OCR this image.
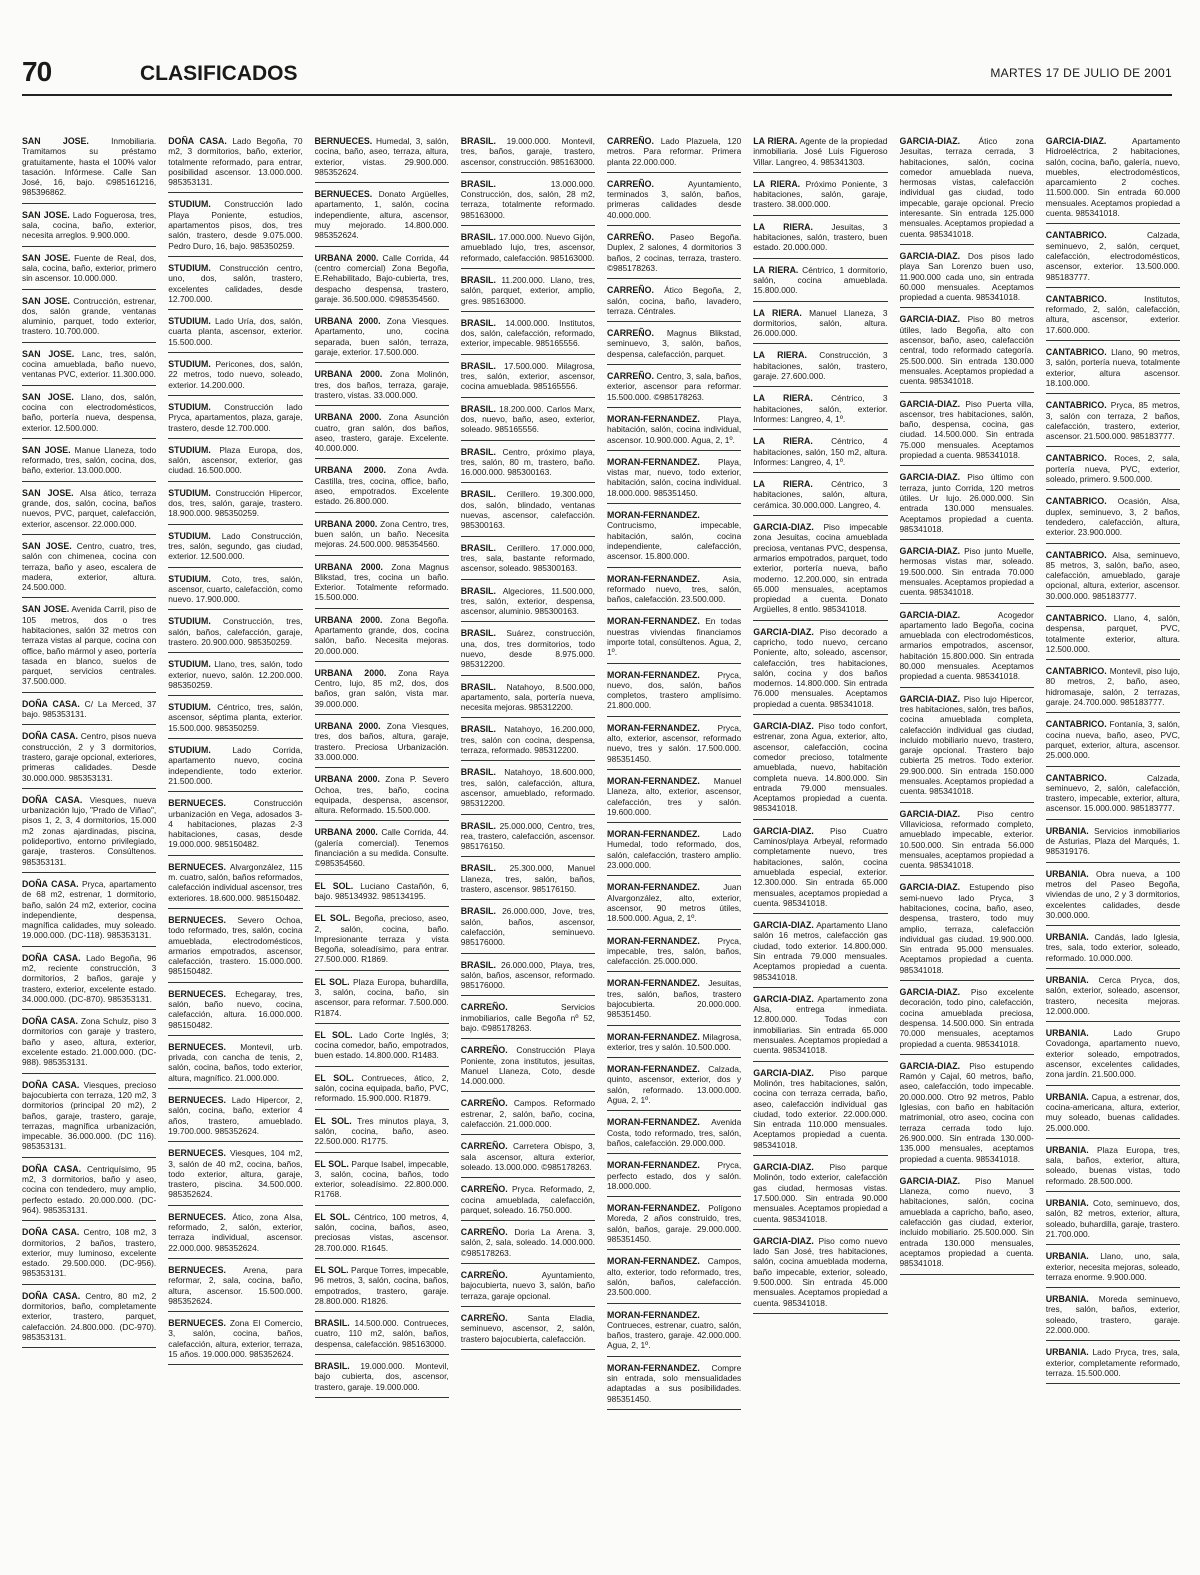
70	CLASIFICADOS	MARTES 17 DE JULIO DE 2001

SAN JOSE.	Inmobiliaria. Tramitamos su préstamo gratuitamente, hasta el 100% valor tasación. Infórmese. Calle San José, 16, bajo. ©985161216, 985396862.

SAN JOSE. Lado Foguerosa, tres, sala, cocina, baño, exterior, necesita arreglos. 9.900.000.

SAN JOSE. Fuente de Real, dos, sala, cocina, baño, exterior, primero sin ascensor. 10.000.000.

SAN JOSE. Contrucción, estrenar, dos, salón grande, ventanas aluminio, parquet, todo exterior, trastero. 10.700.000.

SAN JOSE. Lanc, tres, salón, cocina amueblada, baño nuevo, ventanas PVC, exterior. 11.300.000.

SAN JOSE. Llano, dos, salón, cocina con electrodomésticos, baño, portería nueva, despensa, exterior. 12.500.000.

SAN JOSE. Manue Llaneza, todo reformado, tres, salón, cocina, dos, baño, exterior. 13.000.000.

SAN JOSE. Alsa ático, terraza grande, dos, salón, cocina, baños nuevos, PVC, parquet, calefacción, exterior, ascensor. 22.000.000.

SAN JOSE. Centro, cuatro, tres, salón con chimenea, cocina con terraza, baño y aseo, escalera de madera, exterior, altura. 24.500.000.

SAN JOSE. Avenida Carril, piso de 105 metros, dos o tres habitaciones, salón 32 metros con terraza vistas al parque, cocina con office, baño mármol y aseo, portería tasada en blanco, suelos de parquet, servicios centrales. 37.500.000.

DOÑA CASA. C/ La Merced, 37 bajo. 985353131.

DOÑA CASA. Centro, pisos nueva construcción, 2 y 3 dormitorios, trastero, garaje opcional, exteriores, primeras calidades. Desde 30.000.000. 985353131.

DOÑA CASA. Viesques, nueva urbanización lujo, "Prado de Viñao", pisos 1, 2, 3, 4 dormitorios, 15.000 m2 zonas ajardinadas, piscina, polideportivo, entorno privilegiado, garaje, trasteros. Consúltenos. 985353131.

DOÑA CASA. Pryca, apartamento de 68 m2, estrenar, 1 dormitorio, baño, salón 24 m2, exterior, cocina independiente, despensa, magnífica calidades, muy soleado. 19.000.000. (DC-118). 985353131.

DOÑA CASA. Lado Begoña, 96 m2, reciente construcción, 3 dormitorios, 2 baños, garaje y trastero, exterior, excelente estado. 34.000.000. (DC-870). 985353131.

DOÑA CASA. Zona Schulz, piso 3 dormitorios con garaje y trastero, baño y aseo, altura, exterior, excelente estado. 21.000.000. (DC-988). 985353131.

DOÑA CASA. Viesques, precioso bajocubierta con terraza, 120 m2, 3 dormitorios (principal 20 m2), 2 baños, garaje, trastero, garaje, terrazas, magnífica urbanización, impecable. 36.000.000. (DC 116). 985353131.

DOÑA CASA. Centriquísimo, 95 m2, 3 dormitorios, baño y aseo, cocina con tendedero, muy amplio, perfecto estado. 20.000.000. (DC-964). 985353131.

DOÑA CASA. Centro, 108 m2, 3 dormitorios, 2 baños, trastero, exterior, muy luminoso, excelente estado. 29.500.000. (DC-956). 985353131.

DOÑA CASA. Centro, 80 m2, 2 dormitorios, baño, completamente exterior, trastero, parquet, calefacción. 24.800.000. (DC-970). 985353131.

DOÑA CASA. Lado Begoña, 70 m2, 3 dormitorios, baño, exterior, totalmente reformado, para entrar, posibilidad ascensor. 13.000.000. 985353131.

STUDIUM. Construcción lado Playa Poniente, estudios, apartamentos pisos, dos, tres salón, trastero, desde 9.075.000. Pedro Duro, 16, bajo. 985350259.

STUDIUM. Construcción centro, uno, dos, salón, trastero, excelentes calidades, desde 12.700.000.

STUDIUM. Lado Uría, dos, salón, cuarta planta, ascensor, exterior. 15.500.000.

STUDIUM. Pericones, dos, salón, 22 metros, todo nuevo, soleado, exterior. 14.200.000.

STUDIUM. Construcción lado Pryca, apartamentos, plaza, garaje, trastero, desde 12.700.000.

STUDIUM. Plaza Europa, dos, salón, ascensor, exterior, gas ciudad. 16.500.000.

STUDIUM. Construcción Hipercor, dos, tres, salón, garaje, trastero. 18.900.000. 985350259.

STUDIUM. Lado Construcción, tres, salón, segundo, gas ciudad, exterior. 12.500.000.

STUDIUM. Coto, tres, salón, ascensor, cuarto, calefacción, como nuevo. 17.900.000.

STUDIUM. Construcción, tres, salón, baños, calefacción, garaje, trastero. 20.900.000. 985350259.

STUDIUM. Llano, tres, salón, todo exterior, nuevo, salón. 12.200.000. 985350259.

STUDIUM. Céntrico, tres, salón, ascensor, séptima planta, exterior. 15.500.000. 985350259.

STUDIUM.	Lado Corrida, apartamento nuevo, cocina independiente, todo exterior. 21.500.000.

BERNUECES.	Construcción urbanización en Vega, adosados 3-4 habitaciones, plazas 2-3 habitaciones, casas, desde 19.000.000. 985150482.

BERNUECES. Alvargonzález, 115 m. cuatro, salón, baños reformados, calefacción individual ascensor, tres exteriores. 18.600.000. 985150482.

BERNUECES. Severo Ochoa, todo reformado, tres, salón, cocina amueblada, electrodomésticos, armarios empotrados, ascensor, calefacción, trastero. 15.000.000. 985150482.

BERNUECES. Echegaray, tres, salón, baño nuevo, cocina, calefacción, altura. 16.000.000. 985150482.

BERNUECES. Montevil, urb. privada, con cancha de tenis, 2, salón, cocina, baños, todo exterior, altura, magnífico. 21.000.000.

BERNUECES. Lado Hipercor, 2, salón, cocina, baño, exterior 4 años, trastero, amueblado. 19.700.000. 985352624.

BERNUECES. Viesques, 104 m2, 3, salón de 40 m2, cocina, baños, todo exterior, altura, garaje, trastero, piscina. 34.500.000. 985352624.

BERNUECES. Ático, zona Alsa, reformado, 2, salón, exterior, terraza individual, ascensor. 22.000.000. 985352624.

BERNUECES. Arena, para reformar, 2, sala, cocina, baño, altura, ascensor. 15.500.000. 985352624.

BERNUECES. Zona El Comercio, 3, salón, cocina, baños, calefacción, altura, exterior, terraza, 15 años. 19.000.000. 985352624.

BERNUECES. Humedal, 3, salón, cocina, baño, aseo, terraza, altura, exterior, vistas. 29.900.000. 985352624.

BERNUECES. Donato Argüelles, apartamento, 1, salón, cocina independiente, altura, ascensor, muy mejorado. 14.800.000. 985352624.

URBANA 2000. Calle Corrida, 44 (centro comercial) Zona Begoña, E.Rehabilitado, Bajo-cubierta, tres, despacho despensa, trastero, garaje. 36.500.000. ©985354560.

URBANA 2000. Zona Viesques. Apartamento, uno, cocina separada, buen salón, terraza, garaje, exterior. 17.500.000.

URBANA 2000. Zona Molinón, tres, dos baños, terraza, garaje, trastero, vistas. 33.000.000.

URBANA 2000. Zona Asunción cuatro, gran salón, dos baños, aseo, trastero, garaje. Excelente. 40.000.000.

URBANA 2000. Zona Avda. Castilla, tres, cocina, office, baño, aseo, empotrados. Excelente estado. 26.800.000.

URBANA 2000. Zona Centro, tres, buen salón, un baño. Necesita mejoras. 24.500.000. 985354560.

URBANA 2000. Zona Magnus Blikstad, tres, cocina un baño. Exterior. Totalmente reformado. 15.500.000.

URBANA 2000. Zona Begoña. Apartamento grande, dos, cocina salón, baño. Necesita mejoras. 20.000.000.

URBANA 2000. Zona Raya Centro, lujo, 85 m2, dos, dos baños, gran salón, vista mar. 39.000.000.

URBANA 2000. Zona Viesques, tres, dos baños, altura, garaje, trastero. Preciosa Urbanización. 33.000.000.

URBANA 2000. Zona P. Severo Ochoa, tres, baño, cocina equipada, despensa, ascensor, altura. Reformado. 15.500.000.

URBANA 2000. Calle Corrida, 44. (galería comercial). Tenemos financiación a su medida. Consulte. ©985354560.

EL SOL. Luciano Castañón, 6, bajo. 985134932. 985134195.

EL SOL. Begoña, precioso, aseo, 2, salón, cocina, baño. Impresionante terraza y vista Begoña, soleadísimo, para entrar. 27.500.000. R1869.

EL SOL. Plaza Europa, buhardilla, 3, salón, cocina, baño, sin ascensor, para reformar. 7.500.000. R1874.

EL SOL. Lado Corte Inglés, 3; cocina comedor, baño, empotrados, buen estado. 14.800.000. R1483.

EL SOL. Contrueces, ático, 2, salón, cocina equipada, baño, PVC, reformado. 15.900.000. R1879.

EL SOL. Tres minutos playa, 3, salón, cocina, baño, aseo. 22.500.000. R1775.

EL SOL. Parque Isabel, impecable, 3, salón, cocina, baños, todo exterior, soleadísimo. 22.800.000. R1768.

EL SOL. Céntrico, 100 metros, 4, salón, cocina, baños, aseo, preciosas vistas, ascensor. 28.700.000. R1645.

EL SOL. Parque Torres, impecable, 96 metros, 3, salón, cocina, baños, empotrados, trastero, garaje. 28.800.000. R1826.

BRASIL. 14.500.000. Contrueces, cuatro, 110 m2, salón, baños, despensa, calefacción. 985163000.

BRASIL. 19.000.000. Montevil, bajo cubierta, dos, ascensor, trastero, garaje. 19.000.000.

BRASIL. 19.000.000. Montevil, tres, baños, garaje, trastero, ascensor, construcción. 985163000.

BRASIL.	13.000.000. Construcción, dos, salón, 28 m2, terraza, totalmente reformado. 985163000.

BRASIL. 17.000.000. Nuevo Gijón, amueblado lujo, tres, ascensor, reformado, calefacción. 985163000.

BRASIL. 11.200.000. Llano, tres, salón, parquet, exterior, amplio, gres. 985163000.

BRASIL. 14.000.000. Institutos, dos, salón, calefacción, reformado, exterior, impecable. 985165556.

BRASIL. 17.500.000. Milagrosa, tres, salón, exterior, ascensor, cocina amueblada. 985165556.

BRASIL. 18.200.000. Carlos Marx, dos, nuevo, baño, aseo, exterior, soleado. 985165556.

BRASIL. Centro, próximo playa, tres, salón, 80 m, trastero, baño. 16.000.000. 985300163.

BRASIL. Cerillero. 19.300.000, dos, salón, blindado, ventanas nuevas, ascensor, calefacción. 985300163.

BRASIL. Cerillero. 17.000.000, tres, sala, bastante reformado, ascensor, soleado. 985300163.

BRASIL. Algeciores, 11.500.000, tres, salón, exterior, despensa, ascensor, aluminio. 985300163.

BRASIL. Suárez, construcción, una, dos, tres dormitorios, todo nuevo, desde 8.975.000. 985312200.

BRASIL. Natahoyo, 8.500.000, apartamento, sala, portería nueva, necesita mejoras. 985312200.

BRASIL. Natahoyo, 16.200.000, tres, salón con cocina, despensa, terraza, reformado. 985312200.

BRASIL. Natahoyo, 18.600.000, tres, salón, calefacción, altura, ascensor, amueblado, reformado. 985312200.

BRASIL. 25.000.000, Centro, tres, rea, trastero, calefacción, ascensor. 985176150.

BRASIL. 25.300.000, Manuel Llaneza, tres, salón, baños, trastero, ascensor. 985176150.

BRASIL. 26.000.000, Jove, tres, salón, baños, ascensor, calefacción, seminuevo. 985176000.

BRASIL. 26.000.000, Playa, tres, salón, baños, ascensor, reformado. 985176000.

CARREÑO.	Servicios inmobiliarios, calle Begoña nº 52, bajo. ©985178263.

CARREÑO. Construcción Playa Poniente, zona institutos, jesuitas, Manuel Llaneza, Coto, desde 14.000.000.

CARREÑO. Campos. Reformado estrenar, 2, salón, baño, cocina, calefacción. 21.000.000.

CARREÑO. Carretera Obispo, 3, sala ascensor, altura exterior, soleado. 13.000.000. ©985178263.

CARREÑO. Pryca. Reformado, 2, cocina amueblada, calefacción, parquet, soleado. 16.750.000.

CARREÑO. Doria La Arena. 3, salón, 2, sala, soleado. 14.000.000. ©985178263.

CARREÑO.	Ayuntamiento, bajocubierta, nuevo 3, salón, baño terraza, garaje opcional.

CARREÑO. Santa Eladia, seminuevo, ascensor, 2, salón, trastero bajocubierta, calefacción.

CARREÑO. Lado Plazuela, 120 metros. Para reformar. Primera planta 22.000.000.

CARREÑO.	Ayuntamiento, terminados 3, salón, baños, primeras calidades desde 40.000.000.

CARREÑO. Paseo Begoña. Duplex, 2 salones, 4 dormitorios 3 baños, 2 cocinas, terraza, trastero. ©985178263.

CARREÑO. Ático Begoña, 2, salón, cocina, baño, lavadero, terraza. Céntrales.

CARREÑO. Magnus Blikstad, seminuevo, 3, salón, baños, despensa, calefacción, parquet.

CARREÑO. Centro, 3, sala, baños, exterior, ascensor para reformar. 15.500.000. ©985178263.

MORAN-FERNANDEZ. Playa, habitación, salón, cocina individual, ascensor. 10.900.000. Agua, 2, 1º.

MORAN-FERNANDEZ. Playa, vistas mar, nuevo, todo exterior, habitación, salón, cocina individual. 18.000.000. 985351450.

MORAN-FERNANDEZ. Contrucismo, impecable, habitación, salón, cocina independiente, calefacción, ascensor. 15.800.000.

MORAN-FERNANDEZ.	Asia, reformado nuevo, tres, salón, baños, calefacción. 23.500.000.

MORAN-FERNANDEZ. En todas nuestras viviendas financiamos importe total, consúltenos. Agua, 2, 1º.

MORAN-FERNANDEZ. Pryca, nuevo, dos, salón, baños completos, trastero amplísimo. 21.800.000.

MORAN-FERNANDEZ. Pryca, alto, exterior, ascensor, reformado nuevo, tres y salón. 17.500.000. 985351450.

MORAN-FERNANDEZ. Manuel Llaneza, alto, exterior, ascensor, calefacción, tres y salón. 19.600.000.

MORAN-FERNANDEZ.	Lado Humedal, todo reformado, dos, salón, calefacción, trastero amplio. 23.000.000.

MORAN-FERNANDEZ.	Juan Alvargonzález, alto, exterior, ascensor, 90 metros útiles, 18.500.000. Agua, 2, 1º.

MORAN-FERNANDEZ. Pryca, impecable, tres, salón, baños, calefacción. 25.000.000.

MORAN-FERNANDEZ. Jesuitas, tres, salón, baños, trastero bajocubierta. 20.000.000. 985351450.

MORAN-FERNANDEZ. Milagrosa, exterior, tres y salón. 10.500.000.

MORAN-FERNANDEZ. Calzada, quinto, ascensor, exterior, dos y salón, reformado. 13.000.000. Agua, 2, 1º.

MORAN-FERNANDEZ. Avenida Costa, todo reformado, tres, salón, baños, calefacción. 29.000.000.

MORAN-FERNANDEZ. Pryca, perfecto estado, dos y salón. 18.000.000.

MORAN-FERNANDEZ. Polígono Moreda, 2 años construido, tres, salón, baños, garaje. 29.000.000. 985351450.

MORAN-FERNANDEZ. Campos, alto, exterior, todo reformado, tres, salón, baños, calefacción. 23.500.000.

MORAN-FERNANDEZ. Contrueces, estrenar, cuatro, salón, baños, trastero, garaje. 42.000.000. Agua, 2, 1º.

MORAN-FERNANDEZ. Compre sin entrada, solo mensualidades adaptadas a sus posibilidades. 985351450.

LA RIERA. Agente de la propiedad inmobiliaria. José Luis Figueroso Villar. Langreo, 4. 985341303.

LA RIERA. Próximo Poniente, 3 habitaciones, salón, garaje, trastero. 38.000.000.

LA RIERA. Jesuitas, 3 habitaciones, salón, trastero, buen estado. 20.000.000.

LA RIERA. Céntrico, 1 dormitorio, salón, cocina amueblada. 15.800.000.

LA RIERA. Manuel Llaneza, 3 dormitorios, salón, altura. 26.000.000.

LA RIERA. Construcción, 3 habitaciones, salón, trastero, garaje. 27.600.000.

LA RIERA. Céntrico, 3 habitaciones, salón, exterior. Informes: Langreo, 4, 1º.

LA RIERA. Céntrico, 4 habitaciones, salón, 150 m2, altura. Informes: Langreo, 4, 1º.

LA RIERA. Céntrico, 3 habitaciones, salón, altura, cerámica. 30.000.000. Langreo, 4.

GARCIA-DIAZ. Piso impecable zona Jesuitas, cocina amueblada preciosa, ventanas PVC, despensa, armarios empotrados, parquet, todo exterior, portería nueva, baño moderno. 12.200.000, sin entrada 65.000 mensuales, aceptamos propiedad a cuenta. Donato Argüelles, 8 entlo. 985341018.

GARCIA-DIAZ. Piso decorado a capricho, todo nuevo, cercano Poniente, alto, soleado, ascensor, calefacción, tres habitaciones, salón, cocina y dos baños modernos. 14.800.000. Sin entrada 76.000 mensuales. Aceptamos propiedad a cuenta. 985341018.

GARCIA-DIAZ. Piso todo confort, estrenar, zona Agua, exterior, alto, ascensor, calefacción, cocina comedor precioso, totalmente amueblada, nuevo, habitación completa nueva. 14.800.000. Sin entrada 79.000 mensuales. Aceptamos propiedad a cuenta. 985341018.

GARCIA-DIAZ. Piso Cuatro Caminos/playa Arbeyal, reformado completamente nuevo, tres habitaciones, salón, cocina amueblada especial, exterior. 12.300.000. Sin entrada 65.000 mensuales, aceptamos propiedad a cuenta. 985341018.

GARCIA-DIAZ. Apartamento Llano salón 16 metros, calefacción gas ciudad, todo exterior. 14.800.000. Sin entrada 79.000 mensuales. Aceptamos propiedad a cuenta. 985341018.

GARCIA-DIAZ. Apartamento zona Alsa, entrega inmediata. 12.800.000. Todas con inmobiliarias. Sin entrada 65.000 mensuales. Aceptamos propiedad a cuenta. 985341018.

GARCIA-DIAZ. Piso parque Molinón, tres habitaciones, salón, cocina con terraza cerrada, baño, aseo, calefacción individual gas ciudad, todo exterior. 22.000.000. Sin entrada 110.000 mensuales. Aceptamos propiedad a cuenta. 985341018.

GARCIA-DIAZ. Piso parque Molinón, todo exterior, calefacción gas ciudad, hermosas vistas. 17.500.000. Sin entrada 90.000 mensuales. Aceptamos propiedad a cuenta. 985341018.

GARCIA-DIAZ. Piso como nuevo lado San José, tres habitaciones, salón, cocina amueblada moderna, baño impecable, exterior, soleado, 9.500.000. Sin entrada 45.000 mensuales. Aceptamos propiedad a cuenta. 985341018.

GARCIA-DIAZ. Ático zona Jesuitas, terraza cerrada, 3 habitaciones, salón, cocina comedor amueblada nueva, hermosas vistas, calefacción individual gas ciudad, todo impecable, garaje opcional. Precio interesante. Sin entrada 125.000 mensuales. Aceptamos propiedad a cuenta. 985341018.

GARCIA-DIAZ. Dos pisos lado playa San Lorenzo buen uso, 11.900.000 cada uno, sin entrada 60.000 mensuales. Aceptamos propiedad a cuenta. 985341018.

GARCIA-DIAZ. Piso 80 metros útiles, lado Begoña, alto con ascensor, baño, aseo, calefacción central, todo reformado categoría. 25.500.000. Sin entrada 130.000 mensuales. Aceptamos propiedad a cuenta. 985341018.

GARCIA-DIAZ. Piso Puerta villa, ascensor, tres habitaciones, salón, baño, despensa, cocina, gas ciudad. 14.500.000. Sin entrada 75.000 mensuales. Aceptamos propiedad a cuenta. 985341018.

GARCIA-DIAZ. Piso último con terraza, junto Corrida, 120 metros útiles. Ur lujo. 26.000.000. Sin entrada 130.000 mensuales. Aceptamos propiedad a cuenta. 985341018.

GARCIA-DIAZ. Piso junto Muelle, hermosas vistas mar, soleado. 19.500.000. Sin entrada 70.000 mensuales. Aceptamos propiedad a cuenta. 985341018.

GARCIA-DIAZ.	Acogedor apartamento lado Begoña, cocina amueblada con electrodomésticos, armarios empotrados, ascensor, habitación 15.800.000. Sin entrada 80.000 mensuales. Aceptamos propiedad a cuenta. 985341018.

GARCIA-DIAZ. Piso lujo Hipercor, tres habitaciones, salón, tres baños, cocina amueblada completa, calefacción individual gas ciudad, incluido mobiliario nuevo, trastero, garaje opcional. Trastero bajo cubierta 25 metros. Todo exterior. 29.900.000. Sin entrada 150.000 mensuales. Aceptamos propiedad a cuenta. 985341018.

GARCIA-DIAZ. Piso centro Villaviciosa, reformado completo, amueblado impecable, exterior. 10.500.000. Sin entrada 56.000 mensuales, aceptamos propiedad a cuenta. 985341018.

GARCIA-DIAZ. Estupendo piso semi-nuevo lado Pryca, 3 habitaciones, cocina, baño, aseo, despensa, trastero, todo muy amplio, terraza, calefacción individual gas ciudad. 19.900.000. Sin entrada 95.000 mensuales. Aceptamos propiedad a cuenta. 985341018.

GARCIA-DIAZ. Piso excelente decoración, todo pino, calefacción, cocina amueblada preciosa, despensa. 14.500.000. Sin entrada 70.000 mensuales, aceptamos propiedad a cuenta. 985341018.

GARCIA-DIAZ. Piso estupendo Ramón y Cajal, 60 metros, baño, aseo, calefacción, todo impecable. 20.000.000. Otro 92 metros, Pablo Iglesias, con baño en habitación matrimonial, otro aseo, cocina con terraza cerrada todo lujo. 26.900.000. Sin entrada 130.000-135.000 mensuales, aceptamos propiedad a cuenta. 985341018.

GARCIA-DIAZ. Piso Manuel Llaneza, como nuevo, 3 habitaciones, salón, cocina amueblada a capricho, baño, aseo, calefacción gas ciudad, exterior, incluido mobiliario. 25.500.000. Sin entrada 130.000 mensuales, aceptamos propiedad a cuenta. 985341018.

GARCIA-DIAZ.	Apartamento Hidroeléctrica, 2 habitaciones, salón, cocina, baño, galería, nuevo, muebles, electrodomésticos, aparcamiento 2 coches. 11.500.000. Sin entrada 60.000 mensuales. Aceptamos propiedad a cuenta. 985341018.

CANTABRICO.	Calzada, seminuevo, 2, salón, cerquet, calefacción, electrodomésticos, ascensor, exterior. 13.500.000. 985183777.

CANTABRICO.	Institutos, reformado, 2, salón, calefacción, altura, ascensor, exterior. 17.600.000.

CANTABRICO. Llano, 90 metros, 3, salón, portería nueva, totalmente exterior, altura ascensor. 18.100.000.

CANTABRICO. Pryca, 85 metros, 3, salón con terraza, 2 baños, calefacción, trastero, exterior, ascensor. 21.500.000. 985183777.

CANTABRICO. Roces, 2, sala, portería nueva, PVC, exterior, soleado, primero. 9.500.000.

CANTABRICO. Ocasión, Alsa, duplex, seminuevo, 3, 2 baños, tendedero, calefacción, altura, exterior. 23.900.000.

CANTABRICO. Alsa, seminuevo, 85 metros, 3, salón, baño, aseo, calefacción, amueblado, garaje opcional, altura, exterior, ascensor. 30.000.000. 985183777.

CANTABRICO. Llano, 4, salón, despensa, parquet, PVC, totalmente exterior, altura. 12.500.000.

CANTABRICO. Montevil, piso lujo, 80 metros, 2, baño, aseo, hidromasaje, salón, 2 terrazas, garaje. 24.700.000. 985183777.

CANTABRICO. Fontanía, 3, salón, cocina nueva, baño, aseo, PVC, parquet, exterior, altura, ascensor. 25.000.000.

CANTABRICO.	Calzada, seminuevo, 2, salón, calefacción, trastero, impecable, exterior, altura, ascensor. 15.000.000. 985183777.

URBANIA. Servicios inmobiliarios de Asturias, Plaza del Marqués, 1. 985319176.

URBANIA. Obra nueva, a 100 metros del Paseo Begoña, viviendas de uno, 2 y 3 dormitorios, excelentes calidades, desde 30.000.000.

URBANIA. Candás, lado Iglesia, tres, sala, todo exterior, soleado, reformado. 10.000.000.

URBANIA. Cerca Pryca, dos, salón, exterior, soleado, ascensor, trastero, necesita mejoras. 12.000.000.

URBANIA.	Lado Grupo Covadonga, apartamento nuevo, exterior soleado, empotrados, ascensor, excelentes calidades, zona jardín. 21.500.000.

URBANIA. Capua, a estrenar, dos, cocina-americana, altura, exterior, muy soleado, buenas calidades. 25.000.000.

URBANIA. Plaza Europa, tres, sala, baños, exterior, altura, soleado, buenas vistas, todo reformado. 28.500.000.

URBANIA. Coto, seminuevo, dos, salón, 82 metros, exterior, altura, soleado, buhardilla, garaje, trastero. 21.700.000.

URBANIA. Llano, uno, sala, exterior, necesita mejoras, soleado, terraza enorme. 9.900.000.

URBANIA. Moreda seminuevo, tres, salón, baños, exterior, soleado, trastero, garaje. 22.000.000.

URBANIA. Lado Pryca, tres, sala, exterior, completamente reformado, terraza. 15.500.000.
